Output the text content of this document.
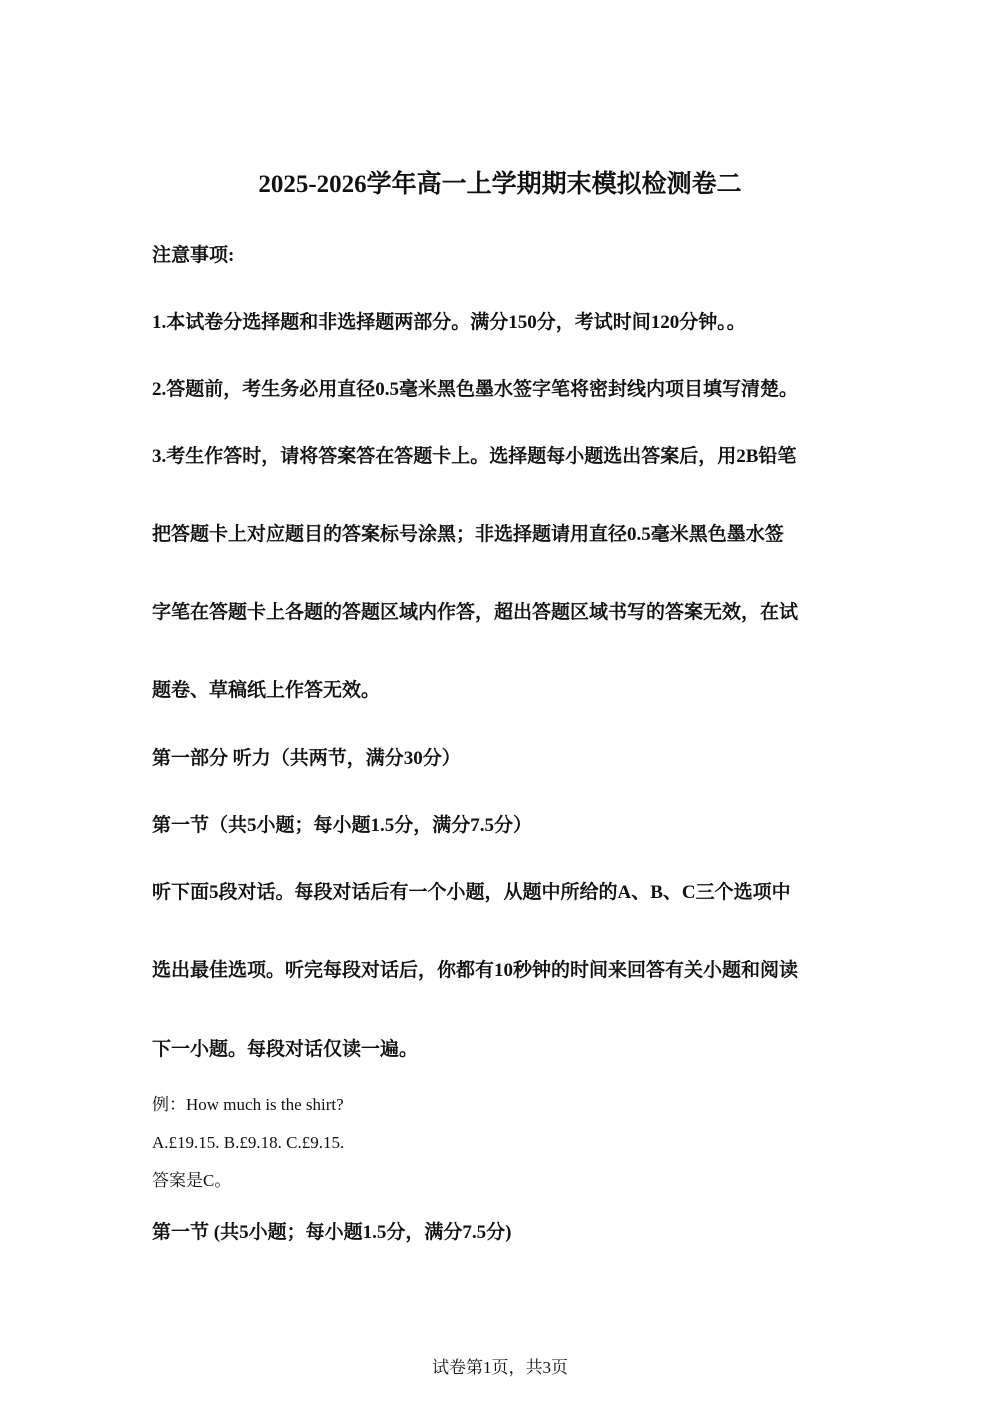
2025-2026学年高一上学期期末模拟检测卷二
注意事项:
1.本试卷分选择题和非选择题两部分。满分150分，考试时间120分钟。。
2.答题前，考生务必用直径0.5毫米黑色墨水签字笔将密封线内项目填写清楚。
3.考生作答时，请将答案答在答题卡上。选择题每小题选出答案后，用2B铅笔
把答题卡上对应题目的答案标号涂黑；非选择题请用直径0.5毫米黑色墨水签
字笔在答题卡上各题的答题区域内作答，超出答题区域书写的答案无效，在试
题卷、草稿纸上作答无效。
第一部分 听力（共两节，满分30分）
第一节（共5小题；每小题1.5分，满分7.5分）
听下面5段对话。每段对话后有一个小题，从题中所给的A、B、C三个选项中
选出最佳选项。听完每段对话后，你都有10秒钟的时间来回答有关小题和阅读
下一小题。每段对话仅读一遍。
例：How much is the shirt?
A.£19.15. B.£9.18. C.£9.15.
答案是C。
第一节 (共5小题；每小题1.5分，满分7.5分)
试卷第1页，共3页
